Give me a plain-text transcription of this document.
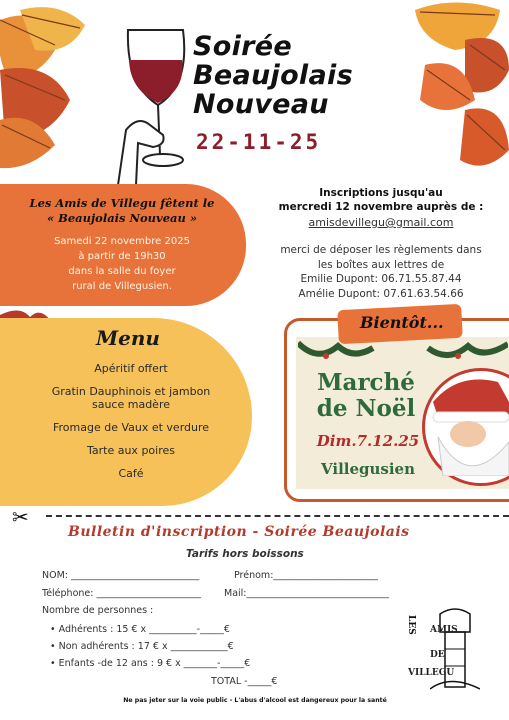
Soirée
Beaujolais
Nouveau
22-11-25
Les Amis de Villegu fêtent le
« Beaujolais Nouveau »
Samedi 22 novembre 2025
à partir de 19h30
dans la salle du foyer
rural de Villegusien.
Inscriptions jusqu'au
mercredi 12 novembre auprès de :
amisdevillegu@gmail.com
merci de déposer les règlements dans
les boîtes aux lettres de
Emilie Dupont: 06.71.55.87.44
Amélie Dupont: 07.61.63.54.66
Menu
Apéritif offert
Gratin Dauphinois et jambon
sauce madère
Fromage de Vaux et verdure
Tarte aux poires
Café
Bientôt...
Marché
de Noël
Dim.7.12.25
Villegusien
✂
Bulletin d'inscription - Soirée Beaujolais
Tarifs hors boissons
NOM: ___________________________	Prénom:______________________
Téléphone: ______________________ Mail:______________________________
Nombre de personnes :
• Adhérents : 15 € x __________-_____€
• Non adhérents : 17 € x ____________€
• Enfants -de 12 ans : 9 € x _______-_____€
TOTAL -_____€
LES AMIS
DE
VILLEGU
Ne pas jeter sur la voie public - L'abus d'alcool est dangereux pour la santé
